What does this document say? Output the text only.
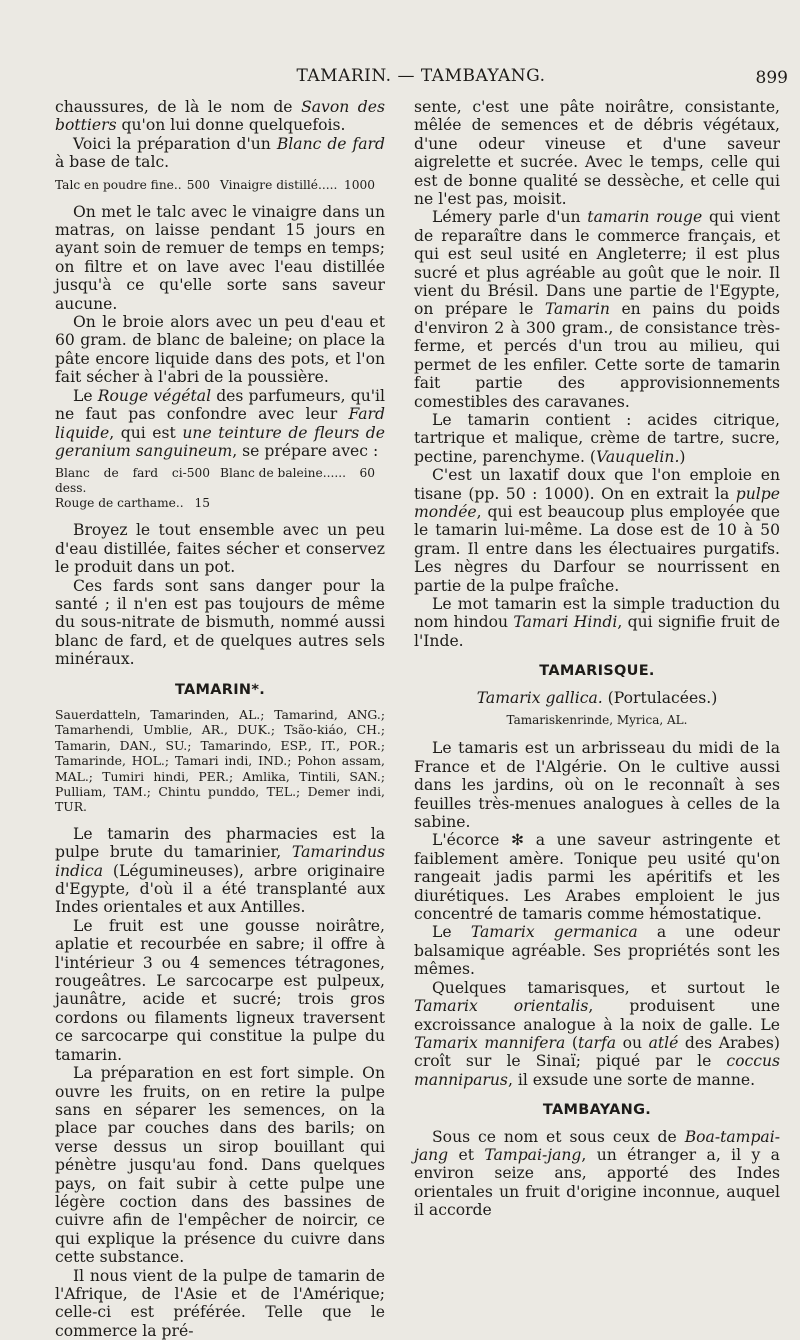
TAMARIN. — TAMBAYANG.	899

chaussures, de là le nom de Savon des bottiers qu'on lui donne quelquefois.

Voici la préparation d'un Blanc de fard à base de talc.

Talc en poudre fine.. 500 Vinaigre distillé..... 1000

On met le talc avec le vinaigre dans un matras, on laisse pendant 15 jours en ayant soin de remuer de temps en temps; on filtre et on lave avec l'eau distillée jusqu'à ce qu'elle sorte sans saveur aucune.

On le broie alors avec un peu d'eau et 60 gram. de blanc de baleine; on place la pâte encore liquide dans des pots, et l'on fait sécher à l'abri de la poussière.

Le Rouge végétal des parfumeurs, qu'il ne faut pas confondre avec leur Fard liquide, qui est une teinture de fleurs de geranium sanguineum, se prépare avec :

Blanc de fard ci-dess.
500
Rouge de carthame.. 15
Blanc de baleine...... 60

Broyez le tout ensemble avec un peu d'eau distillée, faites sécher et conservez le produit dans un pot.

Ces fards sont sans danger pour la santé ; il n'en est pas toujours de même du sous-nitrate de bismuth, nommé aussi blanc de fard, et de quelques autres sels minéraux.

TAMARIN*.

Sauerdatteln, Tamarinden, AL.; Tamarind, ANG.; Tamarhendi, Umblie, AR., DUK.; Tsão-kiáo, CH.; Tamarin, DAN., SU.; Tamarindo, ESP., IT., POR.; Tamarinde, HOL.; Tamari indi, IND.; Pohon assam, MAL.; Tumiri hindi, PER.; Amlika, Tintili, SAN.; Pulliam, TAM.; Chintu punddo, TEL.; Demer indi, TUR.

Le tamarin des pharmacies est la pulpe brute du tamarinier, Tamarindus indica (Légumineuses), arbre originaire d'Egypte, d'où il a été transplanté aux Indes orientales et aux Antilles.

Le fruit est une gousse noirâtre, aplatie et recourbée en sabre; il offre à l'intérieur 3 ou 4 semences tétragones, rougeâtres. Le sarcocarpe est pulpeux, jaunâtre, acide et sucré; trois gros cordons ou filaments ligneux traversent ce sarcocarpe qui constitue la pulpe du tamarin.

La préparation en est fort simple. On ouvre les fruits, on en retire la pulpe sans en séparer les semences, on la place par couches dans des barils; on verse dessus un sirop bouillant qui pénètre jusqu'au fond. Dans quelques pays, on fait subir à cette pulpe une légère coction dans des bassines de cuivre afin de l'empêcher de noircir, ce qui explique la présence du cuivre dans cette substance.

Il nous vient de la pulpe de tamarin de l'Afrique, de l'Asie et de l'Amérique; celle-ci est préférée. Telle que le commerce la pré-

sente, c'est une pâte noirâtre, consistante, mêlée de semences et de débris végétaux, d'une odeur vineuse et d'une saveur aigrelette et sucrée. Avec le temps, celle qui est de bonne qualité se dessèche, et celle qui ne l'est pas, moisit.

Lémery parle d'un tamarin rouge qui vient de reparaître dans le commerce français, et qui est seul usité en Angleterre; il est plus sucré et plus agréable au goût que le noir. Il vient du Brésil. Dans une partie de l'Egypte, on prépare le Tamarin en pains du poids d'environ 2 à 300 gram., de consistance très-ferme, et percés d'un trou au milieu, qui permet de les enfiler. Cette sorte de tamarin fait partie des approvisionnements comestibles des caravanes.

Le tamarin contient : acides citrique, tartrique et malique, crème de tartre, sucre, pectine, parenchyme. (Vauquelin.)

C'est un laxatif doux que l'on emploie en tisane (pp. 50 : 1000). On en extrait la pulpe mondée, qui est beaucoup plus employée que le tamarin lui-même. La dose est de 10 à 50 gram. Il entre dans les électuaires purgatifs. Les nègres du Darfour se nourrissent en partie de la pulpe fraîche.

Le mot tamarin est la simple traduction du nom hindou Tamari Hindi, qui signifie fruit de l'Inde.

TAMARISQUE.
Tamarix gallica. (Portulacées.)
Tamariskenrinde, Myrica, AL.

Le tamaris est un arbrisseau du midi de la France et de l'Algérie. On le cultive aussi dans les jardins, où on le reconnaît à ses feuilles très-menues analogues à celles de la sabine.

L'écorce ✻ a une saveur astringente et faiblement amère. Tonique peu usité qu'on rangeait jadis parmi les apéritifs et les diurétiques. Les Arabes emploient le jus concentré de tamaris comme hémostatique.

Le Tamarix germanica a une odeur balsamique agréable. Ses propriétés sont les mêmes.

Quelques tamarisques, et surtout le Tamarix orientalis, produisent une excroissance analogue à la noix de galle. Le Tamarix mannifera (tarfa ou atlé des Arabes) croît sur le Sinaï; piqué par le coccus manniparus, il exsude une sorte de manne.

TAMBAYANG.

Sous ce nom et sous ceux de Boa-tampai-jang et Tampai-jang, un étranger a, il y a environ seize ans, apporté des Indes orientales un fruit d'origine inconnue, auquel il accorde
